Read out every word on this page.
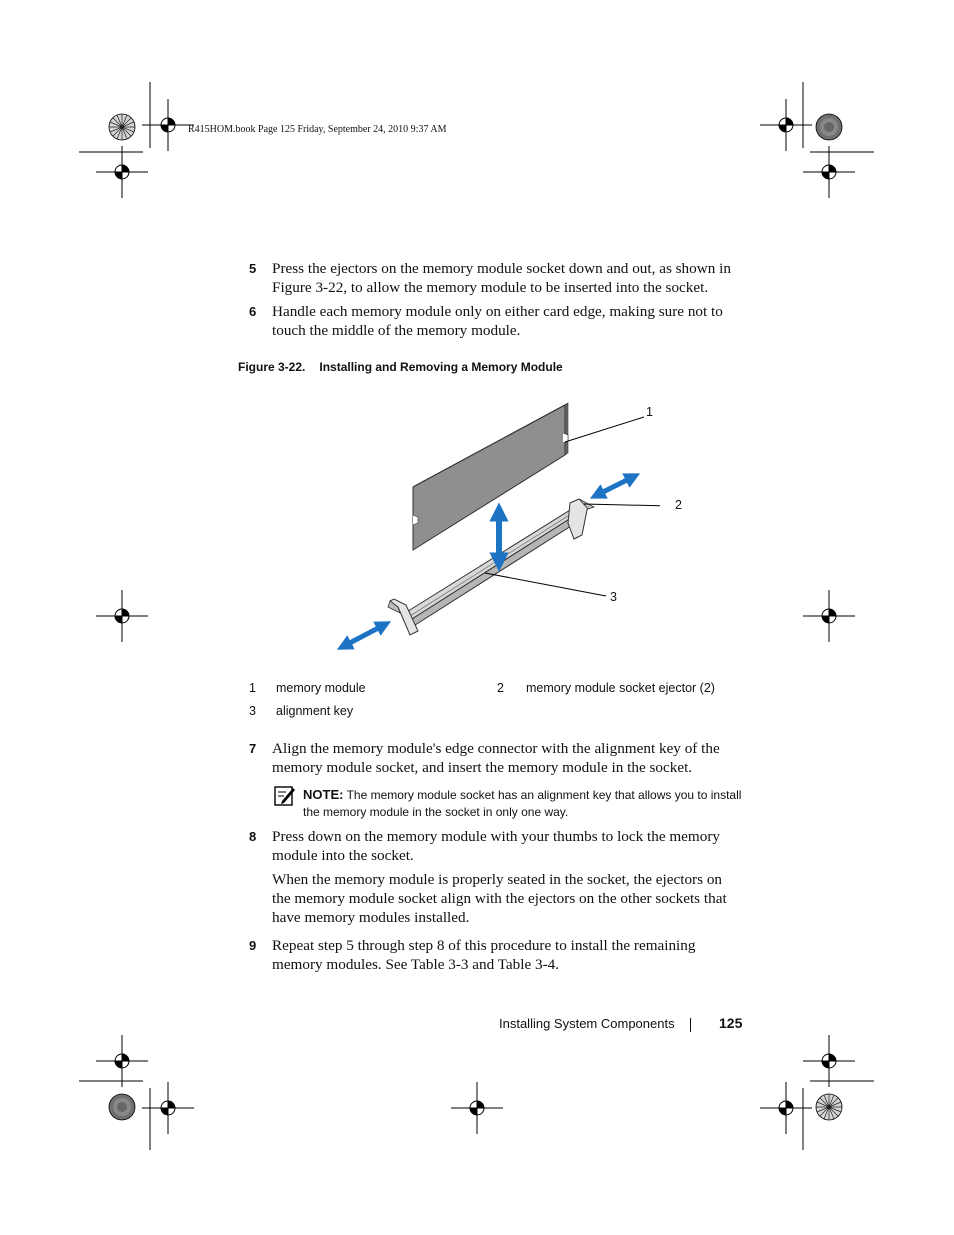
R415HOM.book Page 125 Friday, September 24, 2010 9:37 AM
5	Press the ejectors on the memory module socket down and out, as shown in Figure 3-22, to allow the memory module to be inserted into the socket.
6	Handle each memory module only on either card edge, making sure not to touch the middle of the memory module.
Figure 3-22. Installing and Removing a Memory Module
1
2
3
1 memory module	2 memory module socket ejector (2)
3 alignment key
7	Align the memory module's edge connector with the alignment key of the memory module socket, and insert the memory module in the socket.
NOTE: The memory module socket has an alignment key that allows you to install the memory module in the socket in only one way.
8	Press down on the memory module with your thumbs to lock the memory module into the socket.
When the memory module is properly seated in the socket, the ejectors on the memory module socket align with the ejectors on the other sockets that have memory modules installed.
9	Repeat step 5 through step 8 of this procedure to install the remaining memory modules. See Table 3-3 and Table 3-4.
Installing System Components	125
